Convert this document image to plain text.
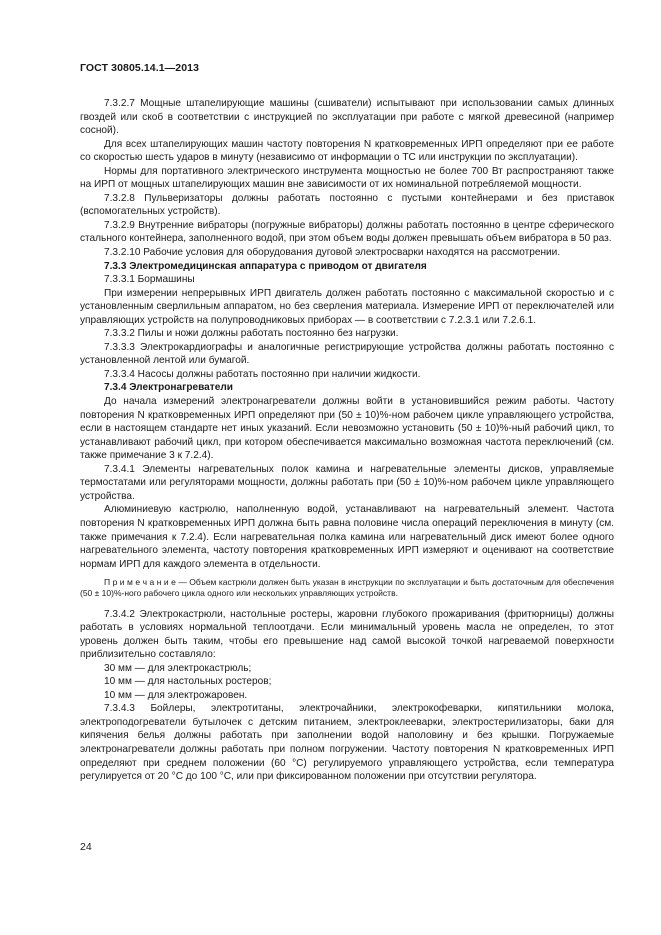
ГОСТ 30805.14.1—2013

7.3.2.7 Мощные штапелирующие машины (сшиватели) испытывают при использовании самых длинных гвоздей или скоб в соответствии с инструкцией по эксплуатации при работе с мягкой древесиной (например сосной).

Для всех штапелирующих машин частоту повторения N кратковременных ИРП определяют при ее работе со скоростью шесть ударов в минуту (независимо от информации о ТС или инструкции по эксплуатации).

Нормы для портативного электрического инструмента мощностью не более 700 Вт распространяют также на ИРП от мощных штапелирующих машин вне зависимости от их номинальной потребляемой мощности.

7.3.2.8 Пульверизаторы должны работать постоянно с пустыми контейнерами и без приставок (вспомогательных устройств).

7.3.2.9 Внутренние вибраторы (погружные вибраторы) должны работать постоянно в центре сферического стального контейнера, заполненного водой, при этом объем воды должен превышать объем вибратора в 50 раз.

7.3.2.10 Рабочие условия для оборудования дуговой электросварки находятся на рассмотрении.

7.3.3 Электромедицинская аппаратура с приводом от двигателя

7.3.3.1 Бормашины

При измерении непрерывных ИРП двигатель должен работать постоянно с максимальной скоростью и с установленным сверлильным аппаратом, но без сверления материала. Измерение ИРП от переключателей или управляющих устройств на полупроводниковых приборах — в соответствии с 7.2.3.1 или 7.2.6.1.

7.3.3.2 Пилы и ножи должны работать постоянно без нагрузки.

7.3.3.3 Электрокардиографы и аналогичные регистрирующие устройства должны работать постоянно с установленной лентой или бумагой.

7.3.3.4 Насосы должны работать постоянно при наличии жидкости.

7.3.4 Электронагреватели

До начала измерений электронагреватели должны войти в установившийся режим работы. Частоту повторения N кратковременных ИРП определяют при (50 ± 10)%-ном рабочем цикле управляющего устройства, если в настоящем стандарте нет иных указаний. Если невозможно установить (50 ± 10)%-ный рабочий цикл, то устанавливают рабочий цикл, при котором обеспечивается максимально возможная частота переключений (см. также примечание 3 к 7.2.4).

7.3.4.1 Элементы нагревательных полок камина и нагревательные элементы дисков, управляемые термостатами или регуляторами мощности, должны работать при (50 ± 10)%-ном рабочем цикле управляющего устройства.

Алюминиевую кастрюлю, наполненную водой, устанавливают на нагревательный элемент. Частота повторения N кратковременных ИРП должна быть равна половине числа операций переключения в минуту (см. также примечания к 7.2.4). Если нагревательная полка камина или нагревательный диск имеют более одного нагревательного элемента, частоту повторения кратковременных ИРП измеряют и оценивают на соответствие нормам ИРП для каждого элемента в отдельности.

П р и м е ч а н и е — Объем кастрюли должен быть указан в инструкции по эксплуатации и быть достаточным для обеспечения (50 ± 10)%-ного рабочего цикла одного или нескольких управляющих устройств.

7.3.4.2 Электрокастрюли, настольные ростеры, жаровни глубокого прожаривания (фритюрницы) должны работать в условиях нормальной теплоотдачи. Если минимальный уровень масла не определен, то этот уровень должен быть таким, чтобы его превышение над самой высокой точкой нагреваемой поверхности приблизительно составляло:

30 мм — для электрокастрюль;

10 мм — для настольных ростеров;

10 мм — для электрожаровен.

7.3.4.3 Бойлеры, электротитаны, электрочайники, электрокофеварки, кипятильники молока, электроподогреватели бутылочек с детским питанием, электроклееварки, электростерилизаторы, баки для кипячения белья должны работать при заполнении водой наполовину и без крышки. Погружаемые электронагреватели должны работать при полном погружении. Частоту повторения N кратковременных ИРП определяют при среднем положении (60 °С) регулируемого управляющего устройства, если температура регулируется от 20 °С до 100 °С, или при фиксированном положении при отсутствии регулятора.

24
